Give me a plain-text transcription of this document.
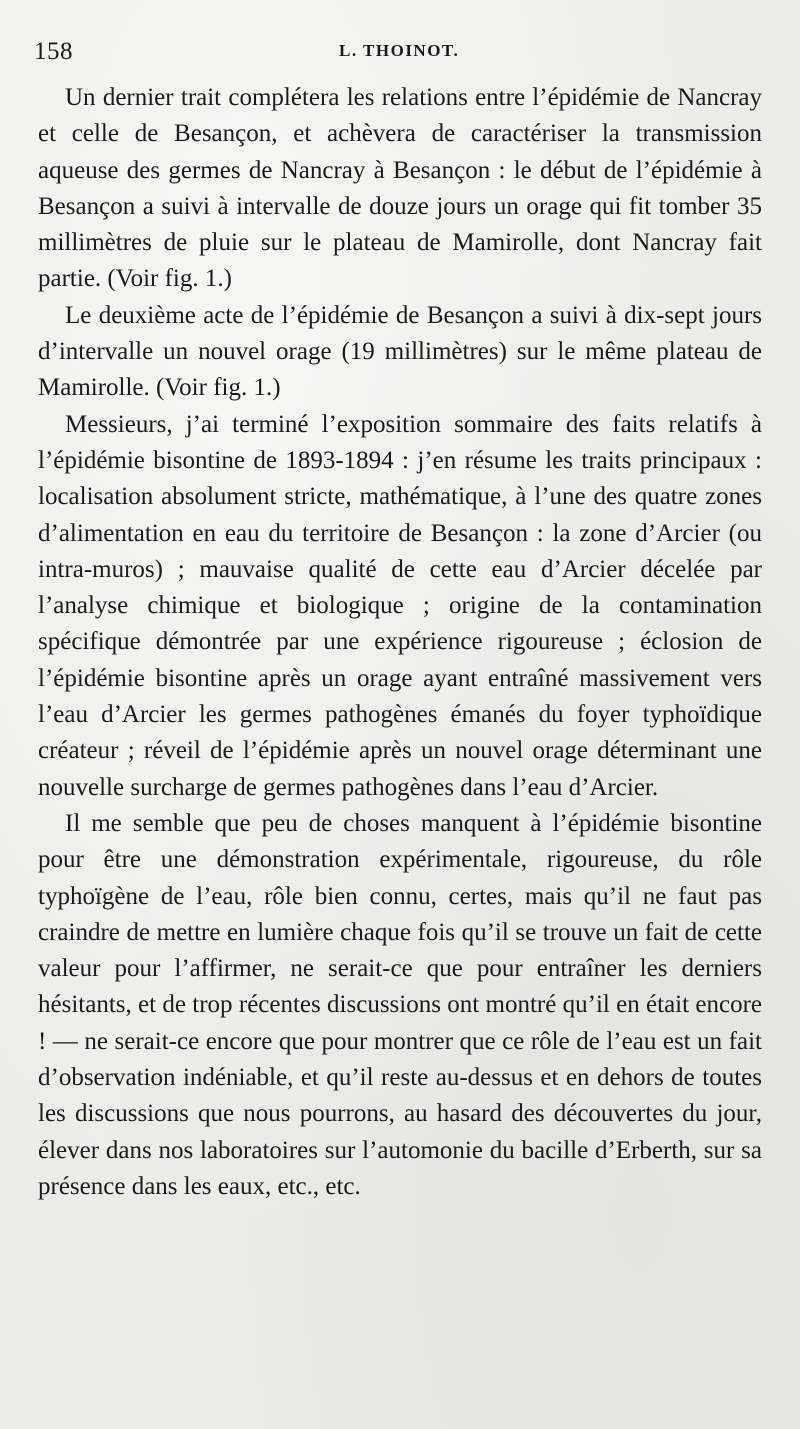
158	L. THOINOT.

Un dernier trait complétera les relations entre l’épidémie de Nancray et celle de Besançon, et achèvera de caractériser la transmission aqueuse des germes de Nancray à Besançon : le début de l’épidémie à Besançon a suivi à intervalle de douze jours un orage qui fit tomber 35 millimètres de pluie sur le plateau de Mamirolle, dont Nancray fait partie. (Voir fig. 1.)

Le deuxième acte de l’épidémie de Besançon a suivi à dix-sept jours d’intervalle un nouvel orage (19 millimètres) sur le même plateau de Mamirolle. (Voir fig. 1.)

Messieurs, j’ai terminé l’exposition sommaire des faits relatifs à l’épidémie bisontine de 1893-1894 : j’en résume les traits principaux : localisation absolument stricte, mathématique, à l’une des quatre zones d’alimentation en eau du territoire de Besançon : la zone d’Arcier (ou intra-muros) ; mauvaise qualité de cette eau d’Arcier décelée par l’analyse chimique et biologique ; origine de la contamination spécifique démontrée par une expérience rigoureuse ; éclosion de l’épidémie bisontine après un orage ayant entraîné massivement vers l’eau d’Arcier les germes pathogènes émanés du foyer typhoïdique créateur ; réveil de l’épidémie après un nouvel orage déterminant une nouvelle surcharge de germes pathogènes dans l’eau d’Arcier.

Il me semble que peu de choses manquent à l’épidémie bisontine pour être une démonstration expérimentale, rigoureuse, du rôle typhoïgène de l’eau, rôle bien connu, certes, mais qu’il ne faut pas craindre de mettre en lumière chaque fois qu’il se trouve un fait de cette valeur pour l’affirmer, ne serait-ce que pour entraîner les derniers hésitants, et de trop récentes discussions ont montré qu’il en était encore ! — ne serait-ce encore que pour montrer que ce rôle de l’eau est un fait d’observation indéniable, et qu’il reste au-dessus et en dehors de toutes les discussions que nous pourrons, au hasard des découvertes du jour, élever dans nos laboratoires sur l’automonie du bacille d’Erberth, sur sa présence dans les eaux, etc., etc.
